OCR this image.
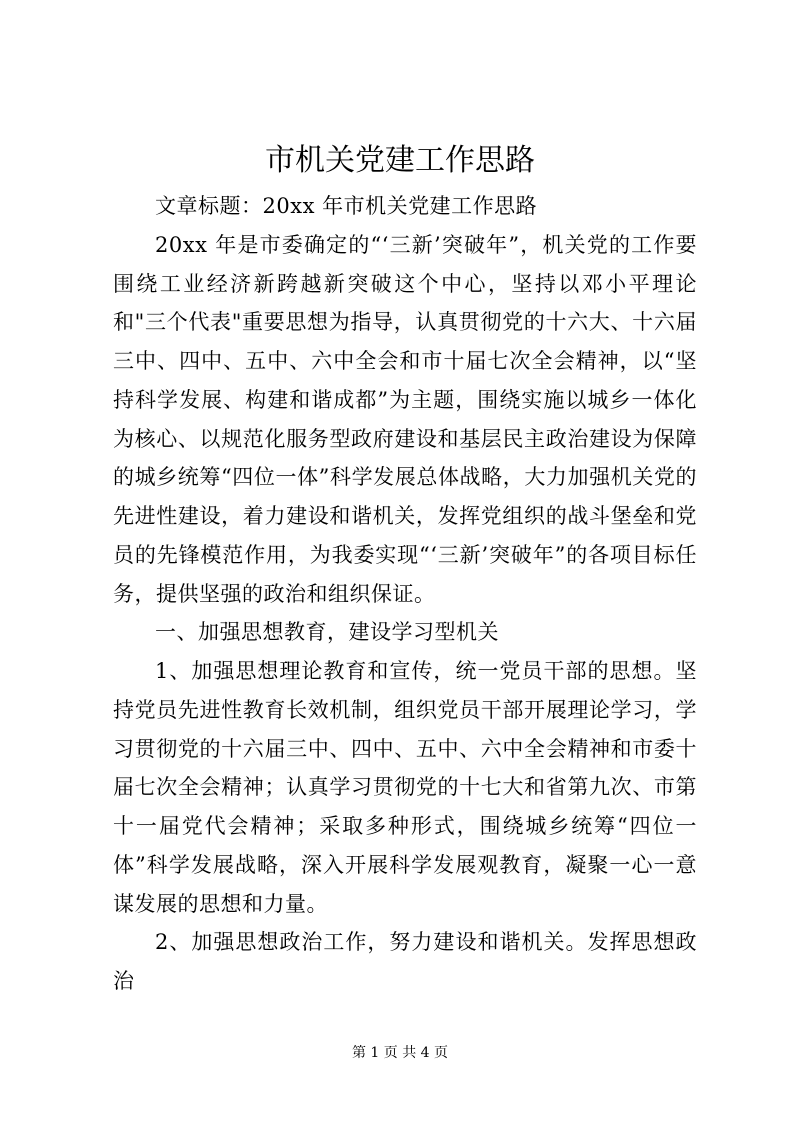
市机关党建工作思路

文章标题：20xx 年市机关党建工作思路

20xx 年是市委确定的“‘三新’突破年”，机关党的工作要围绕工业经济新跨越新突破这个中心，坚持以邓小平理论和"三个代表"重要思想为指导，认真贯彻党的十六大、十六届三中、四中、五中、六中全会和市十届七次全会精神，以“坚持科学发展、构建和谐成都”为主题，围绕实施以城乡一体化为核心、以规范化服务型政府建设和基层民主政治建设为保障的城乡统筹“四位一体”科学发展总体战略，大力加强机关党的先进性建设，着力建设和谐机关，发挥党组织的战斗堡垒和党员的先锋模范作用，为我委实现“‘三新’突破年”的各项目标任务，提供坚强的政治和组织保证。

一、加强思想教育，建设学习型机关

1、加强思想理论教育和宣传，统一党员干部的思想。坚持党员先进性教育长效机制，组织党员干部开展理论学习，学习贯彻党的十六届三中、四中、五中、六中全会精神和市委十届七次全会精神；认真学习贯彻党的十七大和省第九次、市第十一届党代会精神；采取多种形式，围绕城乡统筹“四位一体”科学发展战略，深入开展科学发展观教育，凝聚一心一意谋发展的思想和力量。

2、加强思想政治工作，努力建设和谐机关。发挥思想政治

第 1 页 共 4 页
